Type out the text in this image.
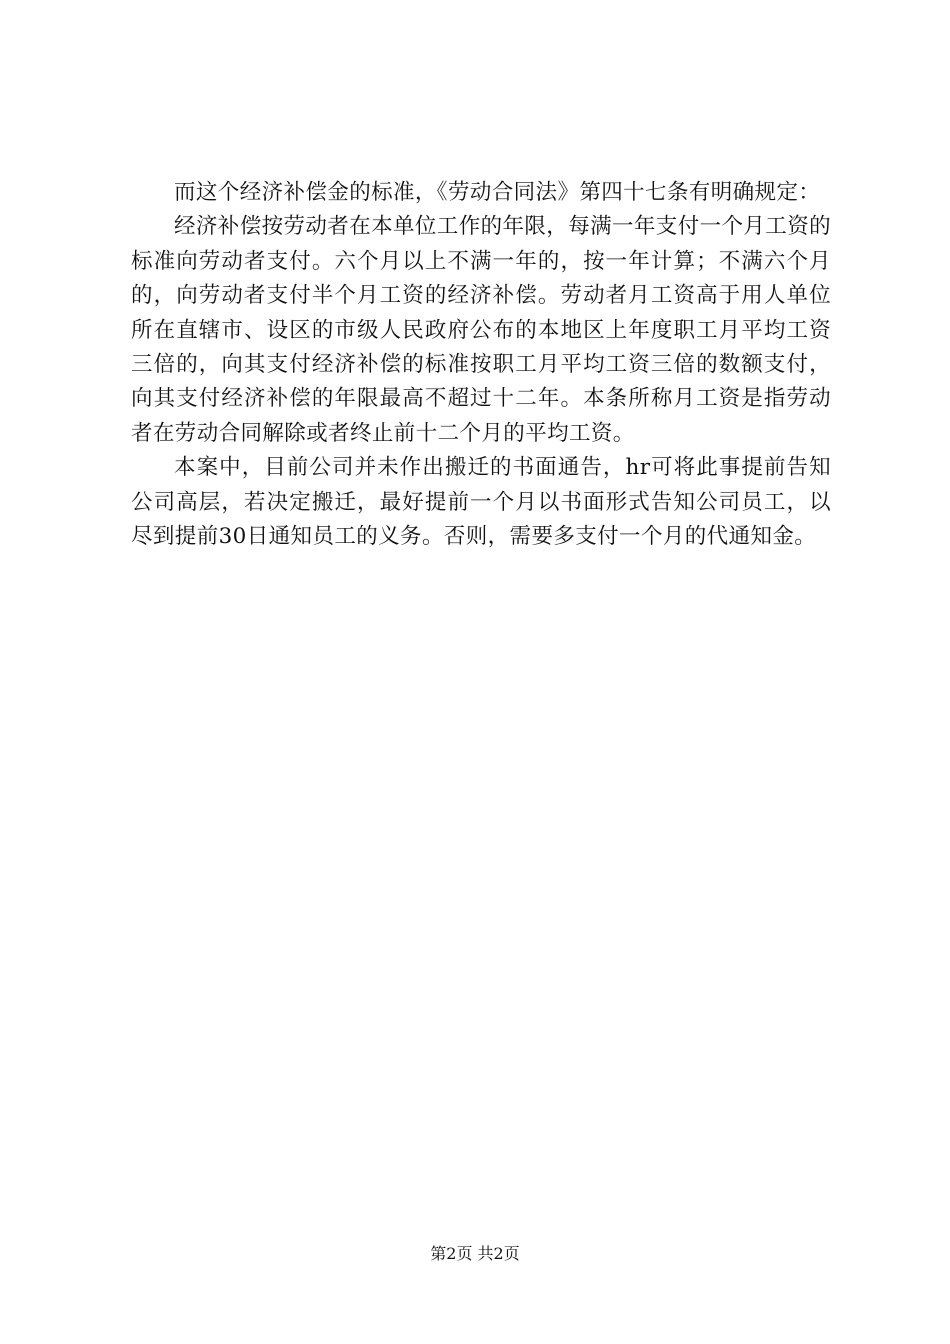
而这个经济补偿金的标准，《劳动合同法》第四十七条有明确规定：

经济补偿按劳动者在本单位工作的年限，每满一年支付一个月工资的标准向劳动者支付。六个月以上不满一年的，按一年计算；不满六个月的，向劳动者支付半个月工资的经济补偿。劳动者月工资高于用人单位所在直辖市、设区的市级人民政府公布的本地区上年度职工月平均工资三倍的，向其支付经济补偿的标准按职工月平均工资三倍的数额支付，向其支付经济补偿的年限最高不超过十二年。本条所称月工资是指劳动者在劳动合同解除或者终止前十二个月的平均工资。

本案中，目前公司并未作出搬迁的书面通告，hr可将此事提前告知公司高层，若决定搬迁，最好提前一个月以书面形式告知公司员工，以尽到提前30日通知员工的义务。否则，需要多支付一个月的代通知金。

第2页 共2页
